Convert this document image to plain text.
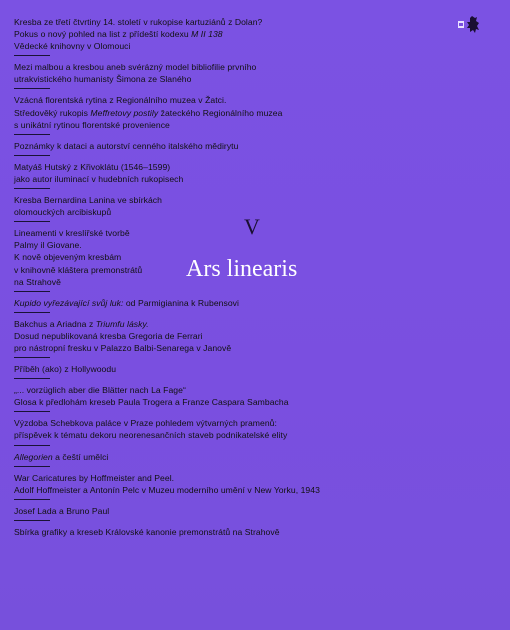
Kresba ze třetí čtvrtiny 14. století v rukopise kartuziánů z Dolan?
Pokus o nový pohled na list z přídeští kodexu M II 138
Vědecké knihovny v Olomouci
Mezi malbou a kresbou aneb svérázný model bibliofilie prvního
utrakvistického humanisty Šimona ze Slaného
Vzácná florentská rytina z Regionálního muzea v Žatci.
Středověký rukopis Meffretovy postily žateckého Regionálního muzea
s unikátní rytinou florentské provenience
Poznámky k dataci a autorství cenného italského mědirytu
Matyáš Hutský z Křivoklátu (1546–1599)
jako autor iluminací v hudebních rukopisech
Kresba Bernardina Lanina ve sbírkách
olomouckých arcibiskupů
Lineamenti v kreslířské tvorbě
Palmy il Giovane.
K nově objeveným kresbám
v knihovně kláštera premonstrátů
na Strahově
Kupido vyřezávající svůj luk: od Parmigianina k Rubensovi
Bakchus a Ariadna z Triumfu lásky.
Dosud nepublikovaná kresba Gregoria de Ferrari
pro nástropní fresku v Palazzo Balbi-Senarega v Janově
Příběh (ako) z Hollywoodu
„... vorzüglich aber die Blätter nach La Fage“
Glosa k předlohám kreseb Paula Trogera a Franze Caspara Sambacha
Výzdoba Schebkova paláce v Praze pohledem výtvarných pramenů:
příspěvek k tématu dekoru neorenesančních staveb podnikatelské elity
Allegorien a čeští umělci
War Caricatures by Hoffmeister and Peel.
Adolf Hoffmeister a Antonín Pelc v Muzeu moderního umění v New Yorku, 1943
Josef Lada a Bruno Paul
Sbírka grafiky a kreseb Královské kanonie premonstrátů na Strahově
V
Ars linearis
